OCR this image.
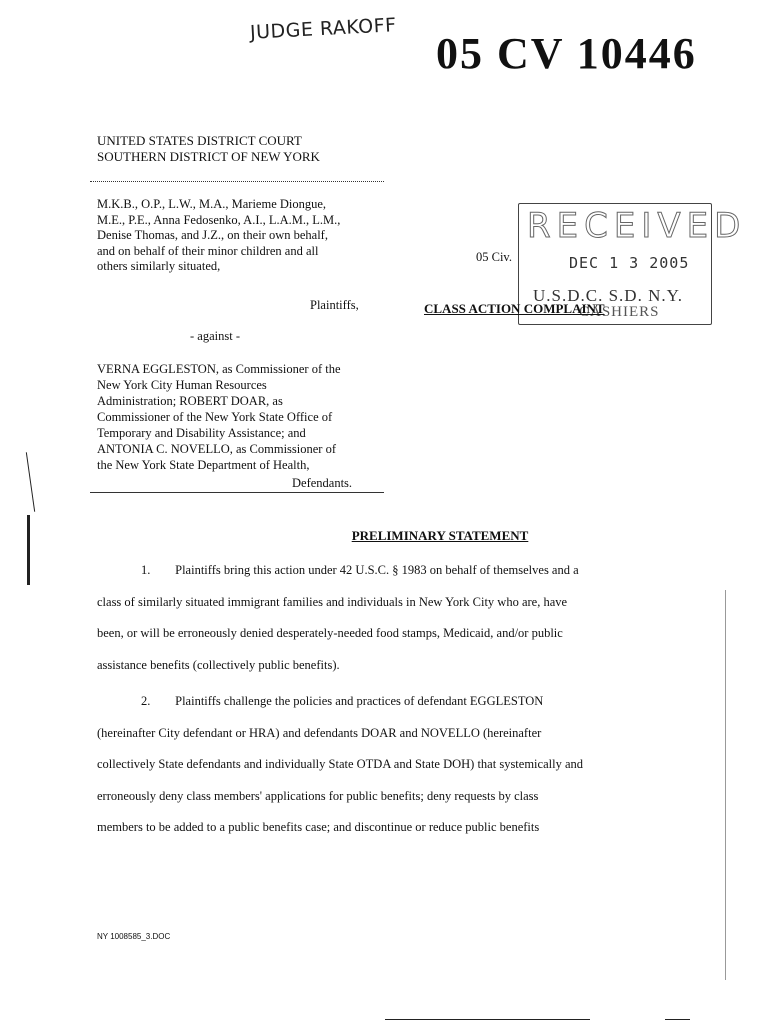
JUDGE RAKOFF 05 CV 10446
UNITED STATES DISTRICT COURT
SOUTHERN DISTRICT OF NEW YORK
M.K.B., O.P., L.W., M.A., Marieme Diongue,
M.E., P.E., Anna Fedosenko, A.I., L.A.M., L.M.,
Denise Thomas, and J.Z., on their own behalf,
and on behalf of their minor children and all
others similarly situated,
Plaintiffs,
- against -
VERNA EGGLESTON, as Commissioner of the
New York City Human Resources
Administration; ROBERT DOAR, as
Commissioner of the New York State Office of
Temporary and Disability Assistance; and
ANTONIA C. NOVELLO, as Commissioner of
the New York State Department of Health,
Defendants.
05 Civ.
RECEIVED
DEC 1 3 2005
U.S.D.C. S.D. N.Y.
CASHIERS
CLASS ACTION COMPLAINT
PRELIMINARY STATEMENT
1. Plaintiffs bring this action under 42 U.S.C. § 1983 on behalf of themselves and a
class of similarly situated immigrant families and individuals in New York City who are, have
been, or will be erroneously denied desperately-needed food stamps, Medicaid, and/or public
assistance benefits (collectively public benefits).
2. Plaintiffs challenge the policies and practices of defendant EGGLESTON
(hereinafter City defendant or HRA) and defendants DOAR and NOVELLO (hereinafter
collectively State defendants and individually State OTDA and State DOH) that systemically and
erroneously deny class members' applications for public benefits; deny requests by class
members to be added to a public benefits case; and discontinue or reduce public benefits
NY 1008585_3.DOC
